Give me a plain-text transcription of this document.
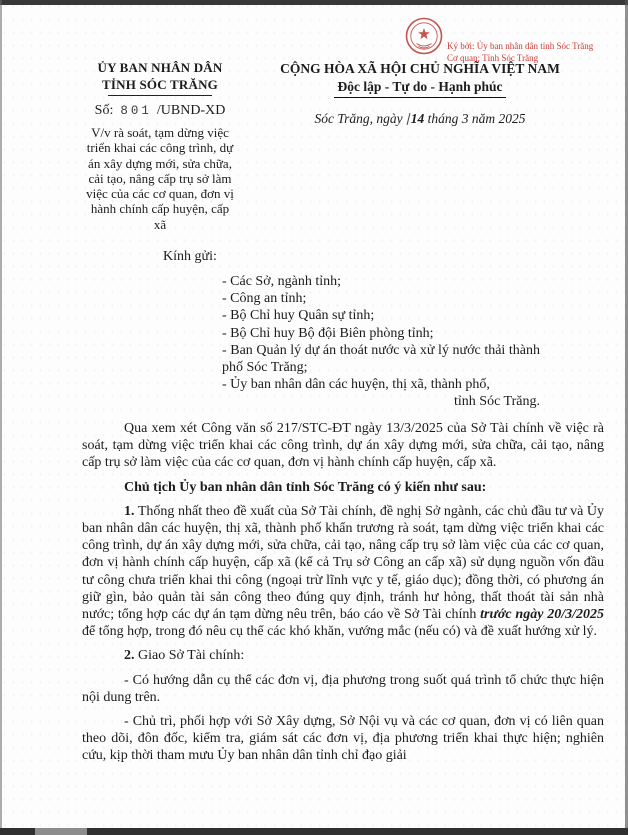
Ký bởi: Ủy ban nhân dân tỉnh Sóc Trăng
Cơ quan: Tỉnh Sóc Trăng
ỦY BAN NHÂN DÂN
TỈNH SÓC TRĂNG
Số: 801 /UBND-XD
V/v rà soát, tạm dừng việc triển khai các công trình, dự án xây dựng mới, sửa chữa, cải tạo, nâng cấp trụ sở làm việc của các cơ quan, đơn vị hành chính cấp huyện, cấp xã
CỘNG HÒA XÃ HỘI CHỦ NGHĨA VIỆT NAM
Độc lập - Tự do - Hạnh phúc
Sóc Trăng, ngày 14 tháng 3 năm 2025
Kính gửi:
- Các Sở, ngành tỉnh;
- Công an tỉnh;
- Bộ Chỉ huy Quân sự tỉnh;
- Bộ Chỉ huy Bộ đội Biên phòng tỉnh;
- Ban Quản lý dự án thoát nước và xử lý nước thải thành phố Sóc Trăng;
- Ủy ban nhân dân các huyện, thị xã, thành phố,
tỉnh Sóc Trăng.

Qua xem xét Công văn số 217/STC-ĐT ngày 13/3/2025 của Sở Tài chính về việc rà soát, tạm dừng việc triển khai các công trình, dự án xây dựng mới, sửa chữa, cải tạo, nâng cấp trụ sở làm việc của các cơ quan, đơn vị hành chính cấp huyện, cấp xã.

Chủ tịch Ủy ban nhân dân tỉnh Sóc Trăng có ý kiến như sau:

1. Thống nhất theo đề xuất của Sở Tài chính, đề nghị Sở ngành, các chủ đầu tư và Ủy ban nhân dân các huyện, thị xã, thành phố khẩn trương rà soát, tạm dừng việc triển khai các công trình, dự án xây dựng mới, sửa chữa, cải tạo, nâng cấp trụ sở làm việc của các cơ quan, đơn vị hành chính cấp huyện, cấp xã (kể cả Trụ sở Công an cấp xã) sử dụng nguồn vốn đầu tư công chưa triển khai thi công (ngoại trừ lĩnh vực y tế, giáo dục); đồng thời, có phương án giữ gìn, bảo quản tài sản công theo đúng quy định, tránh hư hỏng, thất thoát tài sản nhà nước; tổng hợp các dự án tạm dừng nêu trên, báo cáo về Sở Tài chính trước ngày 20/3/2025 để tổng hợp, trong đó nêu cụ thể các khó khăn, vướng mắc (nếu có) và đề xuất hướng xử lý.

2. Giao Sở Tài chính:

- Có hướng dẫn cụ thể các đơn vị, địa phương trong suốt quá trình tổ chức thực hiện nội dung trên.

- Chủ trì, phối hợp với Sở Xây dựng, Sở Nội vụ và các cơ quan, đơn vị có liên quan theo dõi, đôn đốc, kiểm tra, giám sát các đơn vị, địa phương triển khai thực hiện; nghiên cứu, kịp thời tham mưu Ủy ban nhân dân tỉnh chỉ đạo giải
